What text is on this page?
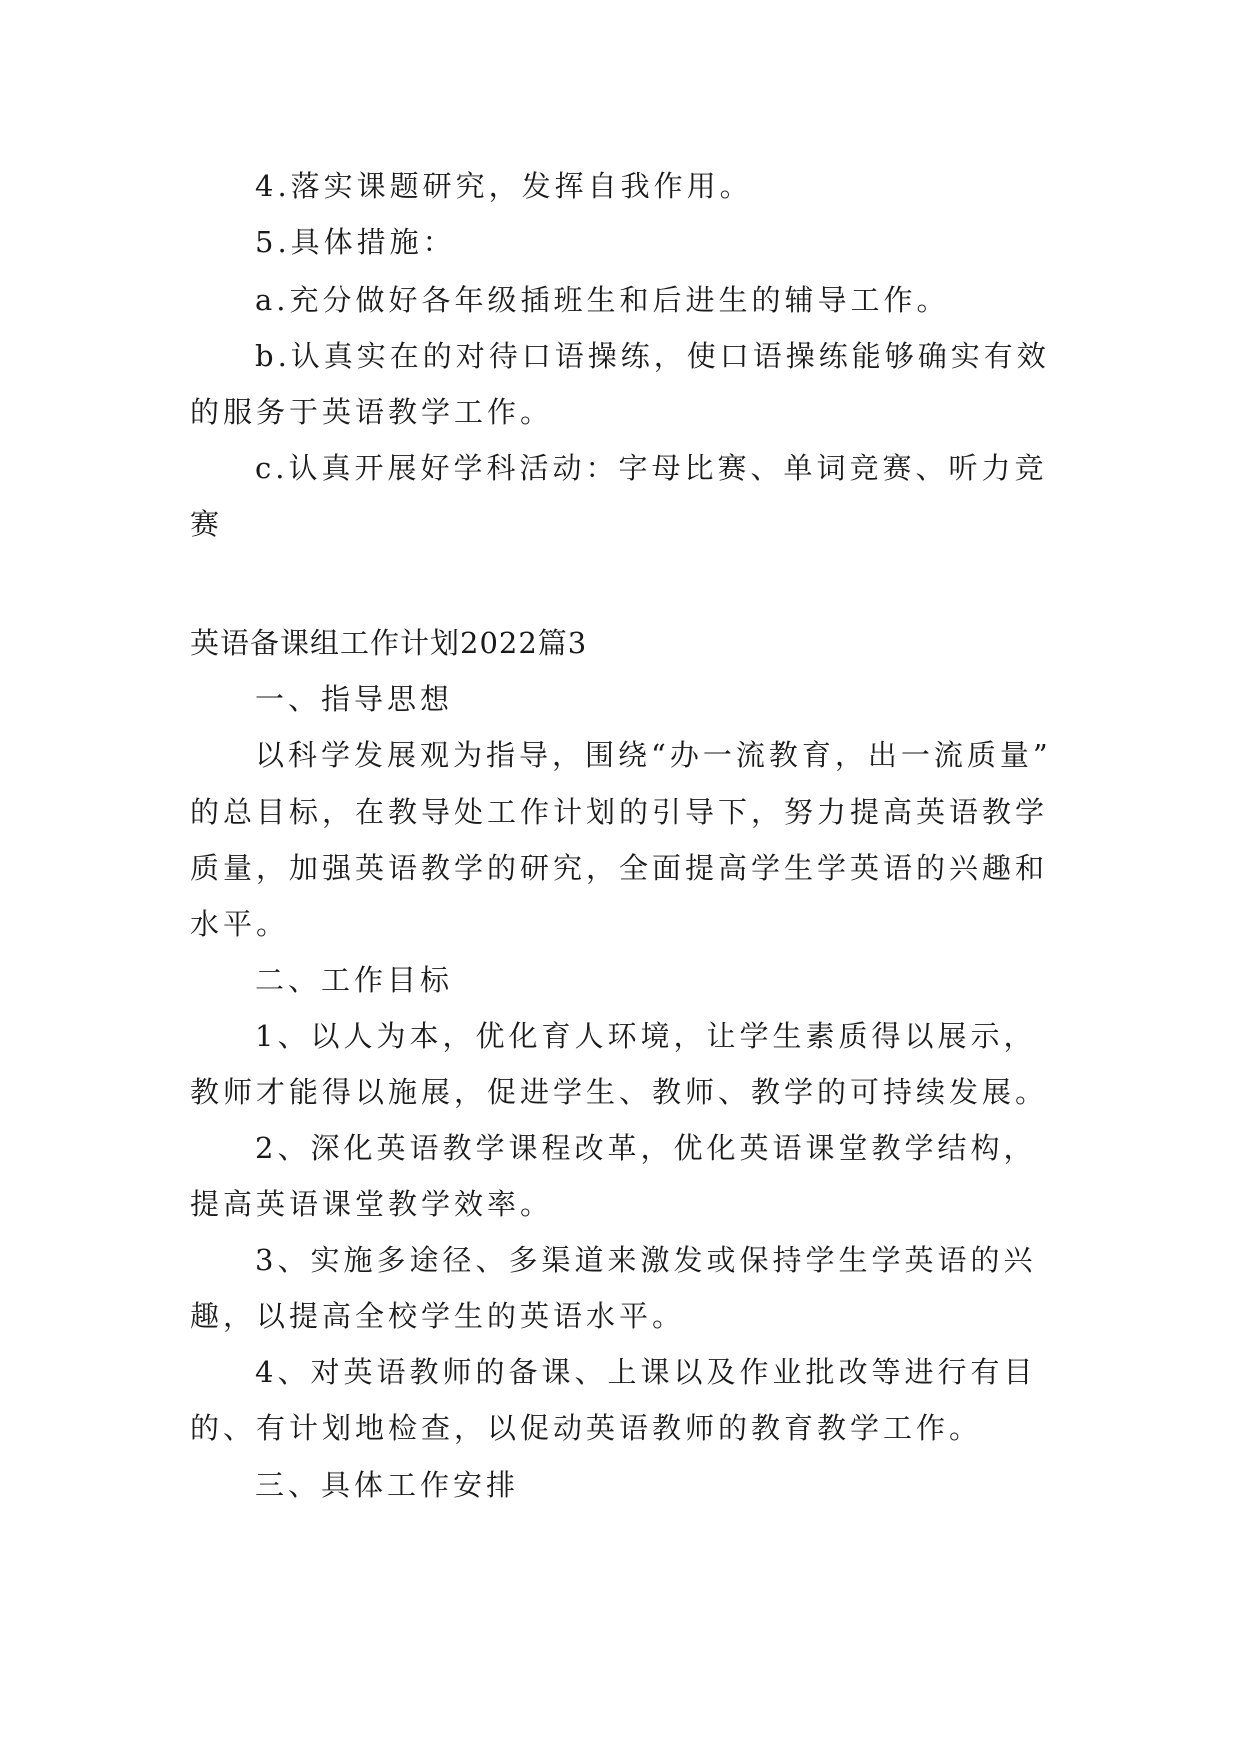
4.落实课题研究，发挥自我作用。

5.具体措施：

a.充分做好各年级插班生和后进生的辅导工作。

b.认真实在的对待口语操练，使口语操练能够确实有效

的服务于英语教学工作。

c.认真开展好学科活动：字母比赛、单词竞赛、听力竞

赛

英语备课组工作计划2022篇3

一、指导思想

以科学发展观为指导，围绕“办一流教育，出一流质量”

的总目标，在教导处工作计划的引导下，努力提高英语教学

质量，加强英语教学的研究，全面提高学生学英语的兴趣和

水平。

二、工作目标

1、以人为本，优化育人环境，让学生素质得以展示，

教师才能得以施展，促进学生、教师、教学的可持续发展。

2、深化英语教学课程改革，优化英语课堂教学结构，

提高英语课堂教学效率。

3、实施多途径、多渠道来激发或保持学生学英语的兴

趣，以提高全校学生的英语水平。

4、对英语教师的备课、上课以及作业批改等进行有目

的、有计划地检查，以促动英语教师的教育教学工作。

三、具体工作安排
